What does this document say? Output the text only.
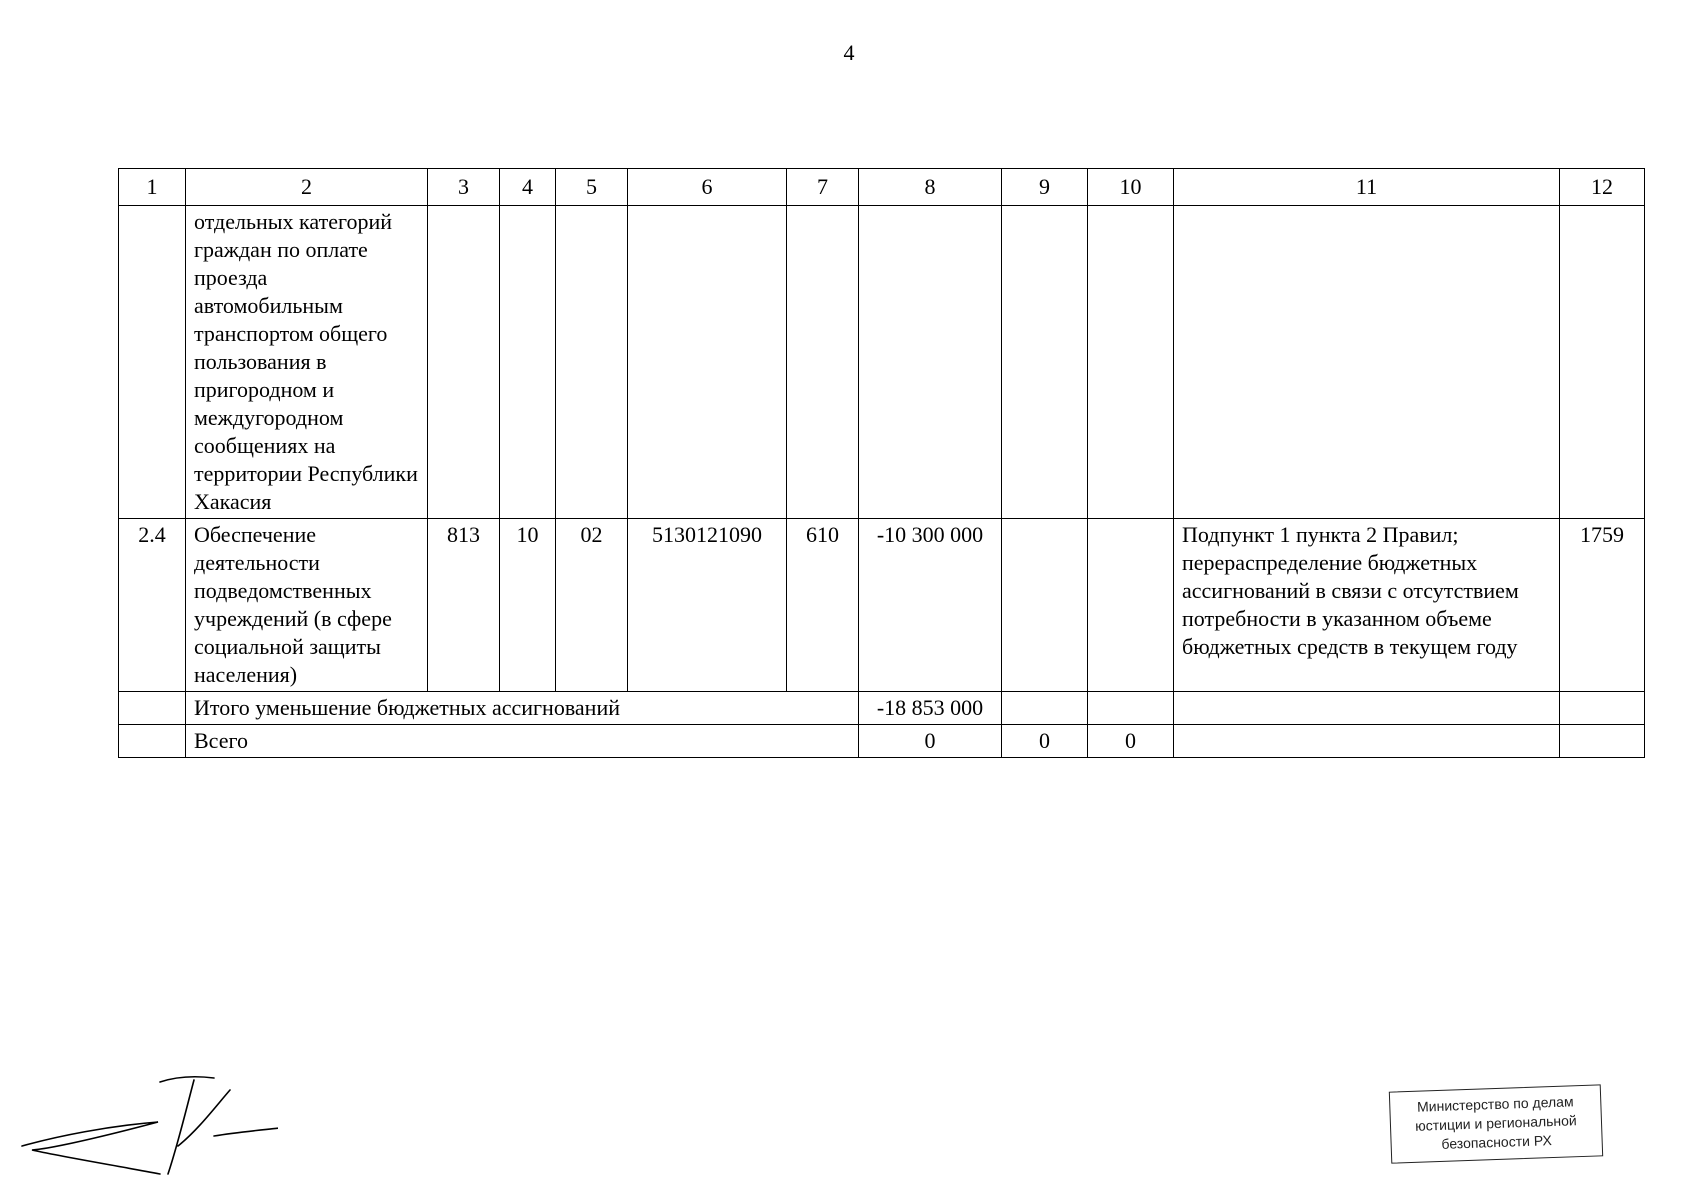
4
1	2	3	4	5	6	7	8	9	10	11	12
	отдельных категорий граждан по оплате проезда автомобильным транспортом общего пользования в пригородном и междугородном сообщениях на территории Республики Хакасия										
2.4	Обеспечение деятельности подведомственных учреждений (в сфере социальной защиты населения)	813	10	02	5130121090	610	-10 300 000			Подпункт 1 пункта 2 Правил; перераспределение бюджетных ассигнований в связи с отсутствием потребности в указанном объеме бюджетных средств в текущем году	1759
	Итого уменьшение бюджетных ассигнований						-18 853 000				
	Всего						0	0	0		
Министерство по делам
юстиции и региональной
безопасности РХ
